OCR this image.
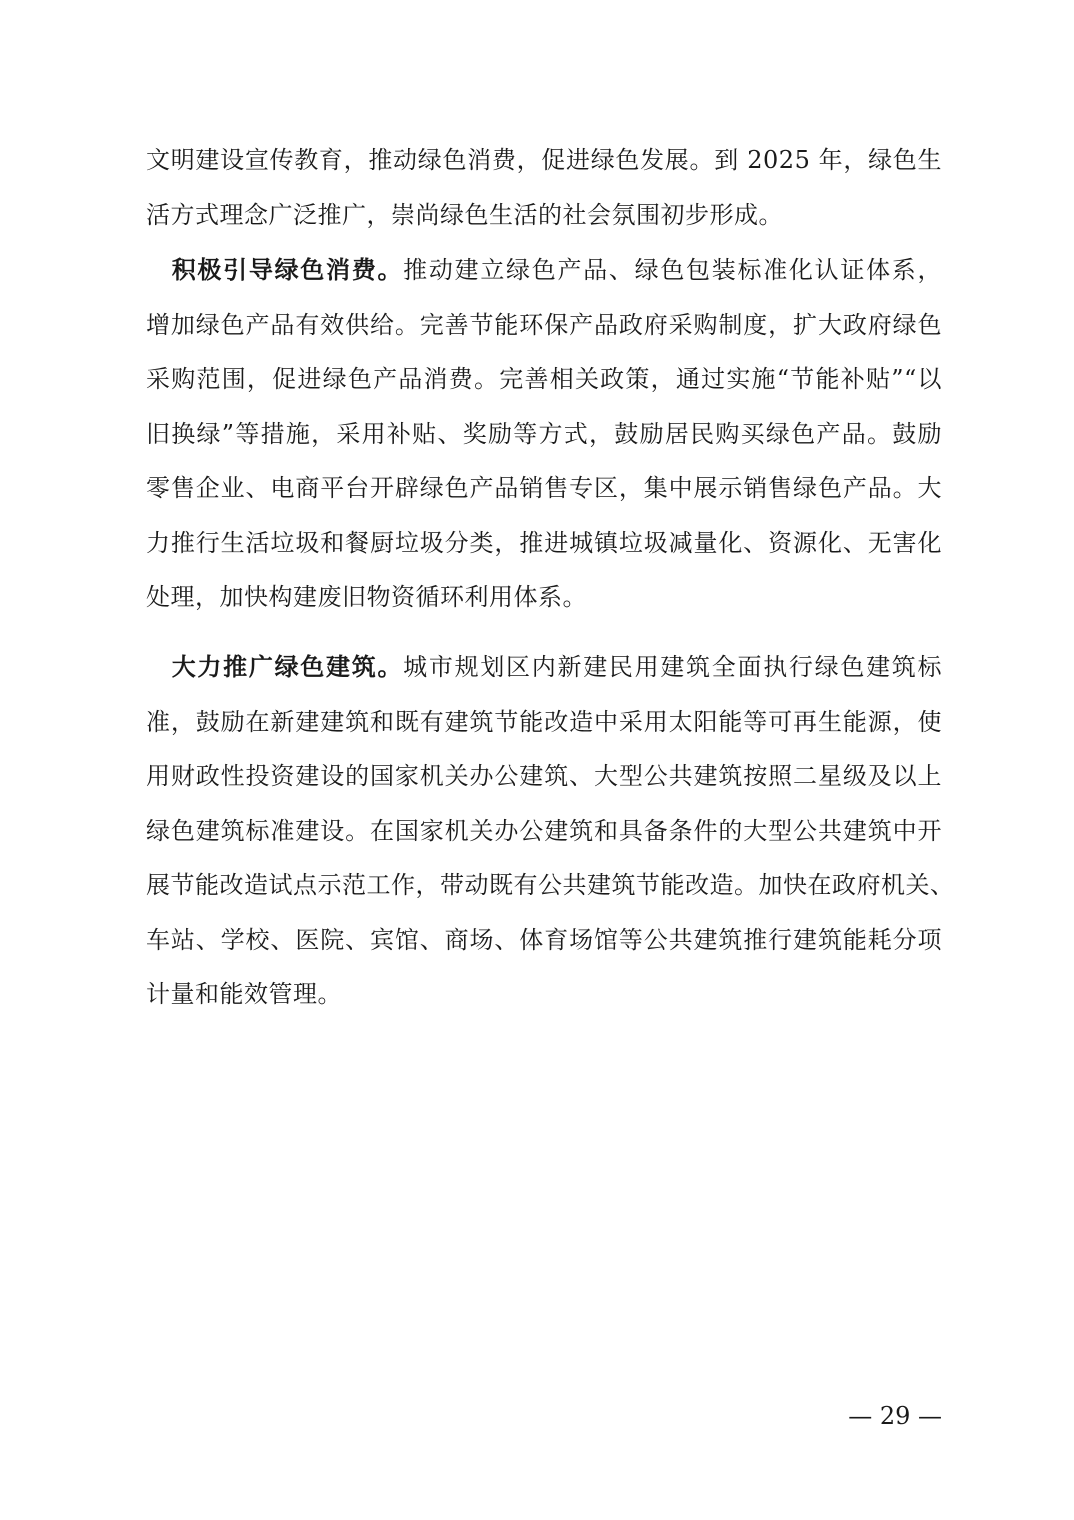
文明建设宣传教育，推动绿色消费，促进绿色发展。到 2025 年，绿色生
活方式理念广泛推广，崇尚绿色生活的社会氛围初步形成。
　积极引导绿色消费。推动建立绿色产品、绿色包装标准化认证体系，
增加绿色产品有效供给。完善节能环保产品政府采购制度，扩大政府绿色
采购范围，促进绿色产品消费。完善相关政策，通过实施“节能补贴”“以
旧换绿”等措施，采用补贴、奖励等方式，鼓励居民购买绿色产品。鼓励
零售企业、电商平台开辟绿色产品销售专区，集中展示销售绿色产品。大
力推行生活垃圾和餐厨垃圾分类，推进城镇垃圾减量化、资源化、无害化
处理，加快构建废旧物资循环利用体系。
　大力推广绿色建筑。城市规划区内新建民用建筑全面执行绿色建筑标
准，鼓励在新建建筑和既有建筑节能改造中采用太阳能等可再生能源，使
用财政性投资建设的国家机关办公建筑、大型公共建筑按照二星级及以上
绿色建筑标准建设。在国家机关办公建筑和具备条件的大型公共建筑中开
展节能改造试点示范工作，带动既有公共建筑节能改造。加快在政府机关、
车站、学校、医院、宾馆、商场、体育场馆等公共建筑推行建筑能耗分项
计量和能效管理。
— 29 —
